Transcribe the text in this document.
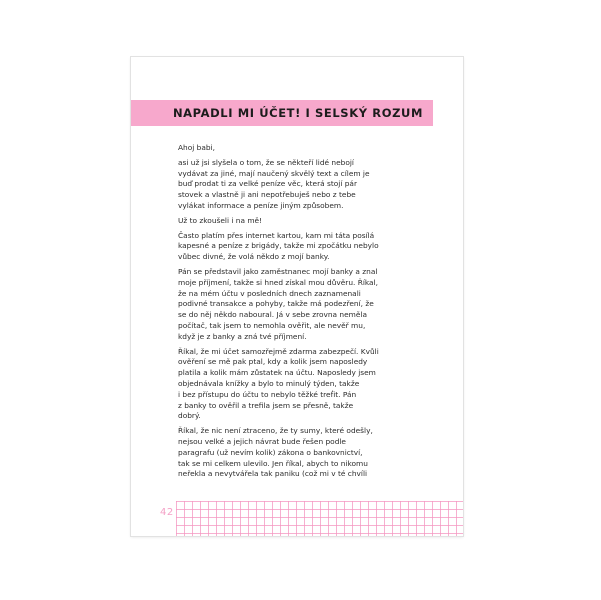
NAPADLI MI ÚČET! I SELSKÝ ROZUM

Ahoj babi,

asi už jsi slyšela o tom, že se někteří lidé nebojí
vydávat za jiné, mají naučený skvělý text a cílem je
buď prodat ti za velké peníze věc, která stojí pár
stovek a vlastně ji ani nepotřebuješ nebo z tebe
vylákat informace a peníze jiným způsobem.

Už to zkoušeli i na mě!

Často platím přes internet kartou, kam mi táta posílá
kapesné a peníze z brigády, takže mi zpočátku nebylo
vůbec divné, že volá někdo z mojí banky.

Pán se představil jako zaměstnanec mojí banky a znal
moje příjmení, takže si hned získal mou důvěru. Říkal,
že na mém účtu v posledních dnech zaznamenali
podivné transakce a pohyby, takže má podezření, že
se do něj někdo naboural. Já v sebe zrovna neměla
počítač, tak jsem to nemohla ověřit, ale nevěř mu,
když je z banky a zná tvé příjmení.

Říkal, že mi účet samozřejmě zdarma zabezpečí. Kvůli
ověření se mě pak ptal, kdy a kolik jsem naposledy
platila a kolik mám zůstatek na účtu. Naposledy jsem
objednávala knížky a bylo to minulý týden, takže
i bez přístupu do účtu to nebylo těžké tref́it. Pán
z banky to ověřil a trefila jsem se přesně, takže
dobrý.

Říkal, že nic není ztraceno, že ty sumy, které odešly,
nejsou velké a jejich návrat bude řešen podle
paragrafu (už nevím kolik) zákona o bankovnictví,
tak se mi celkem ulevilo. Jen říkal, abych to nikomu
neřekla a nevytvářela tak paniku (což mi v té chvíli

42
